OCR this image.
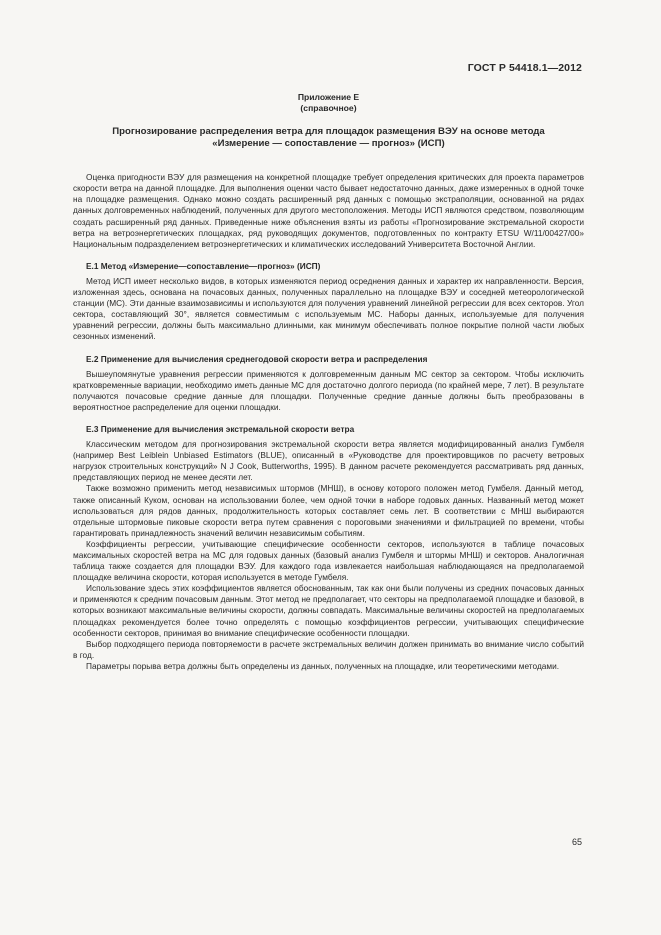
ГОСТ Р 54418.1—2012
Приложение Е
(справочное)
Прогнозирование распределения ветра для площадок размещения ВЭУ на основе метода
«Измерение — сопоставление — прогноз» (ИСП)

Оценка пригодности ВЭУ для размещения на конкретной площадке требует определения критических для проекта параметров скорости ветра на данной площадке. Для выполнения оценки часто бывает недостаточно данных, даже измеренных в одной точке на площадке размещения. Однако можно создать расширенный ряд данных с помощью экстраполяции, основанной на рядах данных долговременных наблюдений, полученных для другого местоположения. Методы ИСП являются средством, позволяющим создать расширенный ряд данных. Приведенные ниже объяснения взяты из работы «Прогнозирование экстремальной скорости ветра на ветроэнергетических площадках, ряд руководящих документов, подготовленных по контракту ETSU W/11/00427/00» Национальным подразделением ветроэнергетических и климатических исследований Университета Восточной Англии.

Е.1 Метод «Измерение—сопоставление—прогноз» (ИСП)

Метод ИСП имеет несколько видов, в которых изменяются период осреднения данных и характер их направленности. Версия, изложенная здесь, основана на почасовых данных, полученных параллельно на площадке ВЭУ и соседней метеорологической станции (МС). Эти данные взаимозависимы и используются для получения уравнений линейной регрессии для всех секторов. Угол сектора, составляющий 30°, является совместимым с используемым МС. Наборы данных, используемые для получения уравнений регрессии, должны быть максимально длинными, как минимум обеспечивать полное покрытие полной части любых сезонных изменений.

Е.2 Применение для вычисления среднегодовой скорости ветра и распределения

Вышеупомянутые уравнения регрессии применяются к долговременным данным МС сектор за сектором. Чтобы исключить кратковременные вариации, необходимо иметь данные МС для достаточно долгого периода (по крайней мере, 7 лет). В результате получаются почасовые средние данные для площадки. Полученные средние данные должны быть преобразованы в вероятностное распределение для оценки площадки.

Е.3 Применение для вычисления экстремальной скорости ветра

Классическим методом для прогнозирования экстремальной скорости ветра является модифицированный анализ Гумбеля (например Best Leiblein Unbiased Estimators (BLUE), описанный в «Руководстве для проектировщиков по расчету ветровых нагрузок строительных конструкций» N J Cook, Butterworths, 1995). В данном расчете рекомендуется рассматривать ряд данных, представляющих период не менее десяти лет.

Также возможно применить метод независимых штормов (МНШ), в основу которого положен метод Гумбеля. Данный метод, также описанный Куком, основан на использовании более, чем одной точки в наборе годовых данных. Названный метод может использоваться для рядов данных, продолжительность которых составляет семь лет. В соответствии с МНШ выбираются отдельные штормовые пиковые скорости ветра путем сравнения с пороговыми значениями и фильтрацией по времени, чтобы гарантировать принадлежность значений величин независимым событиям.

Коэффициенты регрессии, учитывающие специфические особенности секторов, используются в таблице почасовых максимальных скоростей ветра на МС для годовых данных (базовый анализ Гумбеля и штормы МНШ) и секторов. Аналогичная таблица также создается для площадки ВЭУ. Для каждого года извлекается наибольшая наблюдающаяся на предполагаемой площадке величина скорости, которая используется в методе Гумбеля.

Использование здесь этих коэффициентов является обоснованным, так как они были получены из средних почасовых данных и применяются к средним почасовым данным. Этот метод не предполагает, что секторы на предполагаемой площадке и базовой, в которых возникают максимальные величины скорости, должны совпадать. Максимальные величины скоростей на предполагаемых площадках рекомендуется более точно определять с помощью коэффициентов регрессии, учитывающих специфические особенности секторов, принимая во внимание специфические особенности площадки.

Выбор подходящего периода повторяемости в расчете экстремальных величин должен принимать во внимание число событий в год.

Параметры порыва ветра должны быть определены из данных, полученных на площадке, или теоретическими методами.

65
